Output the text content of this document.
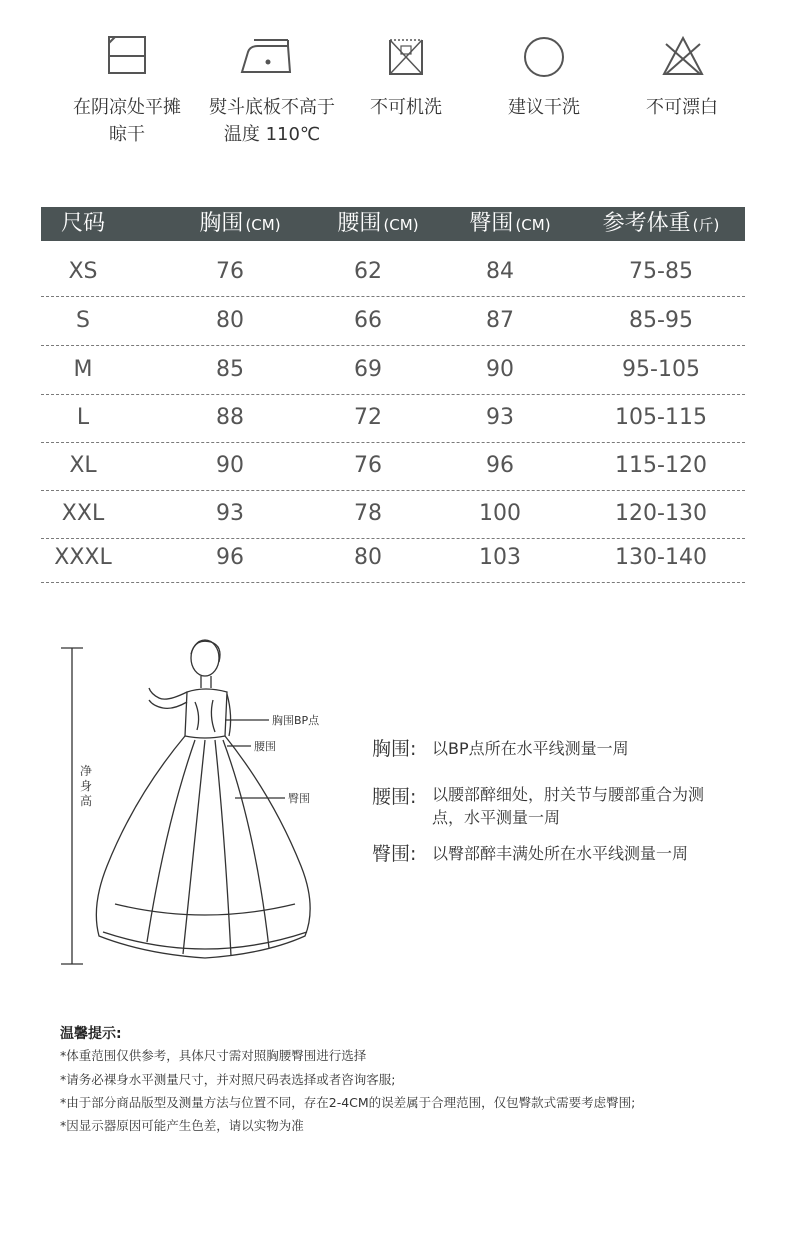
在阴凉处平摊
晾干
熨斗底板不高于
温度 110℃
不可机洗	建议干洗	不可漂白
尺码	胸围 (CM)	腰围 (CM)	臀围 (CM)	参考体重 (斤)
XS	76	62	84	75-85
S	80	66	87	85-95
M	85	69	90	95-105
L	88	72	93	105-115
XL	90	76	96	115-120
XXL	93	78	100	120-130
XXXL	96	80	103	130-140
胸围BP点
腰围
臀围
净身高
胸围: 以BP点所在水平线测量一周
腰围: 以腰部醉细处，肘关节与腰部重合为测点，水平测量一周
臀围: 以臀部醉丰满处所在水平线测量一周
温馨提示:
*体重范围仅供参考，具体尺寸需对照胸腰臀围进行选择
*请务必裸身水平测量尺寸，并对照尺码表选择或者咨询客服;
*由于部分商品版型及测量方法与位置不同，存在2-4CM的误差属于合理范围，仅包臀款式需要考虑臀围;
*因显示器原因可能产生色差，请以实物为准
